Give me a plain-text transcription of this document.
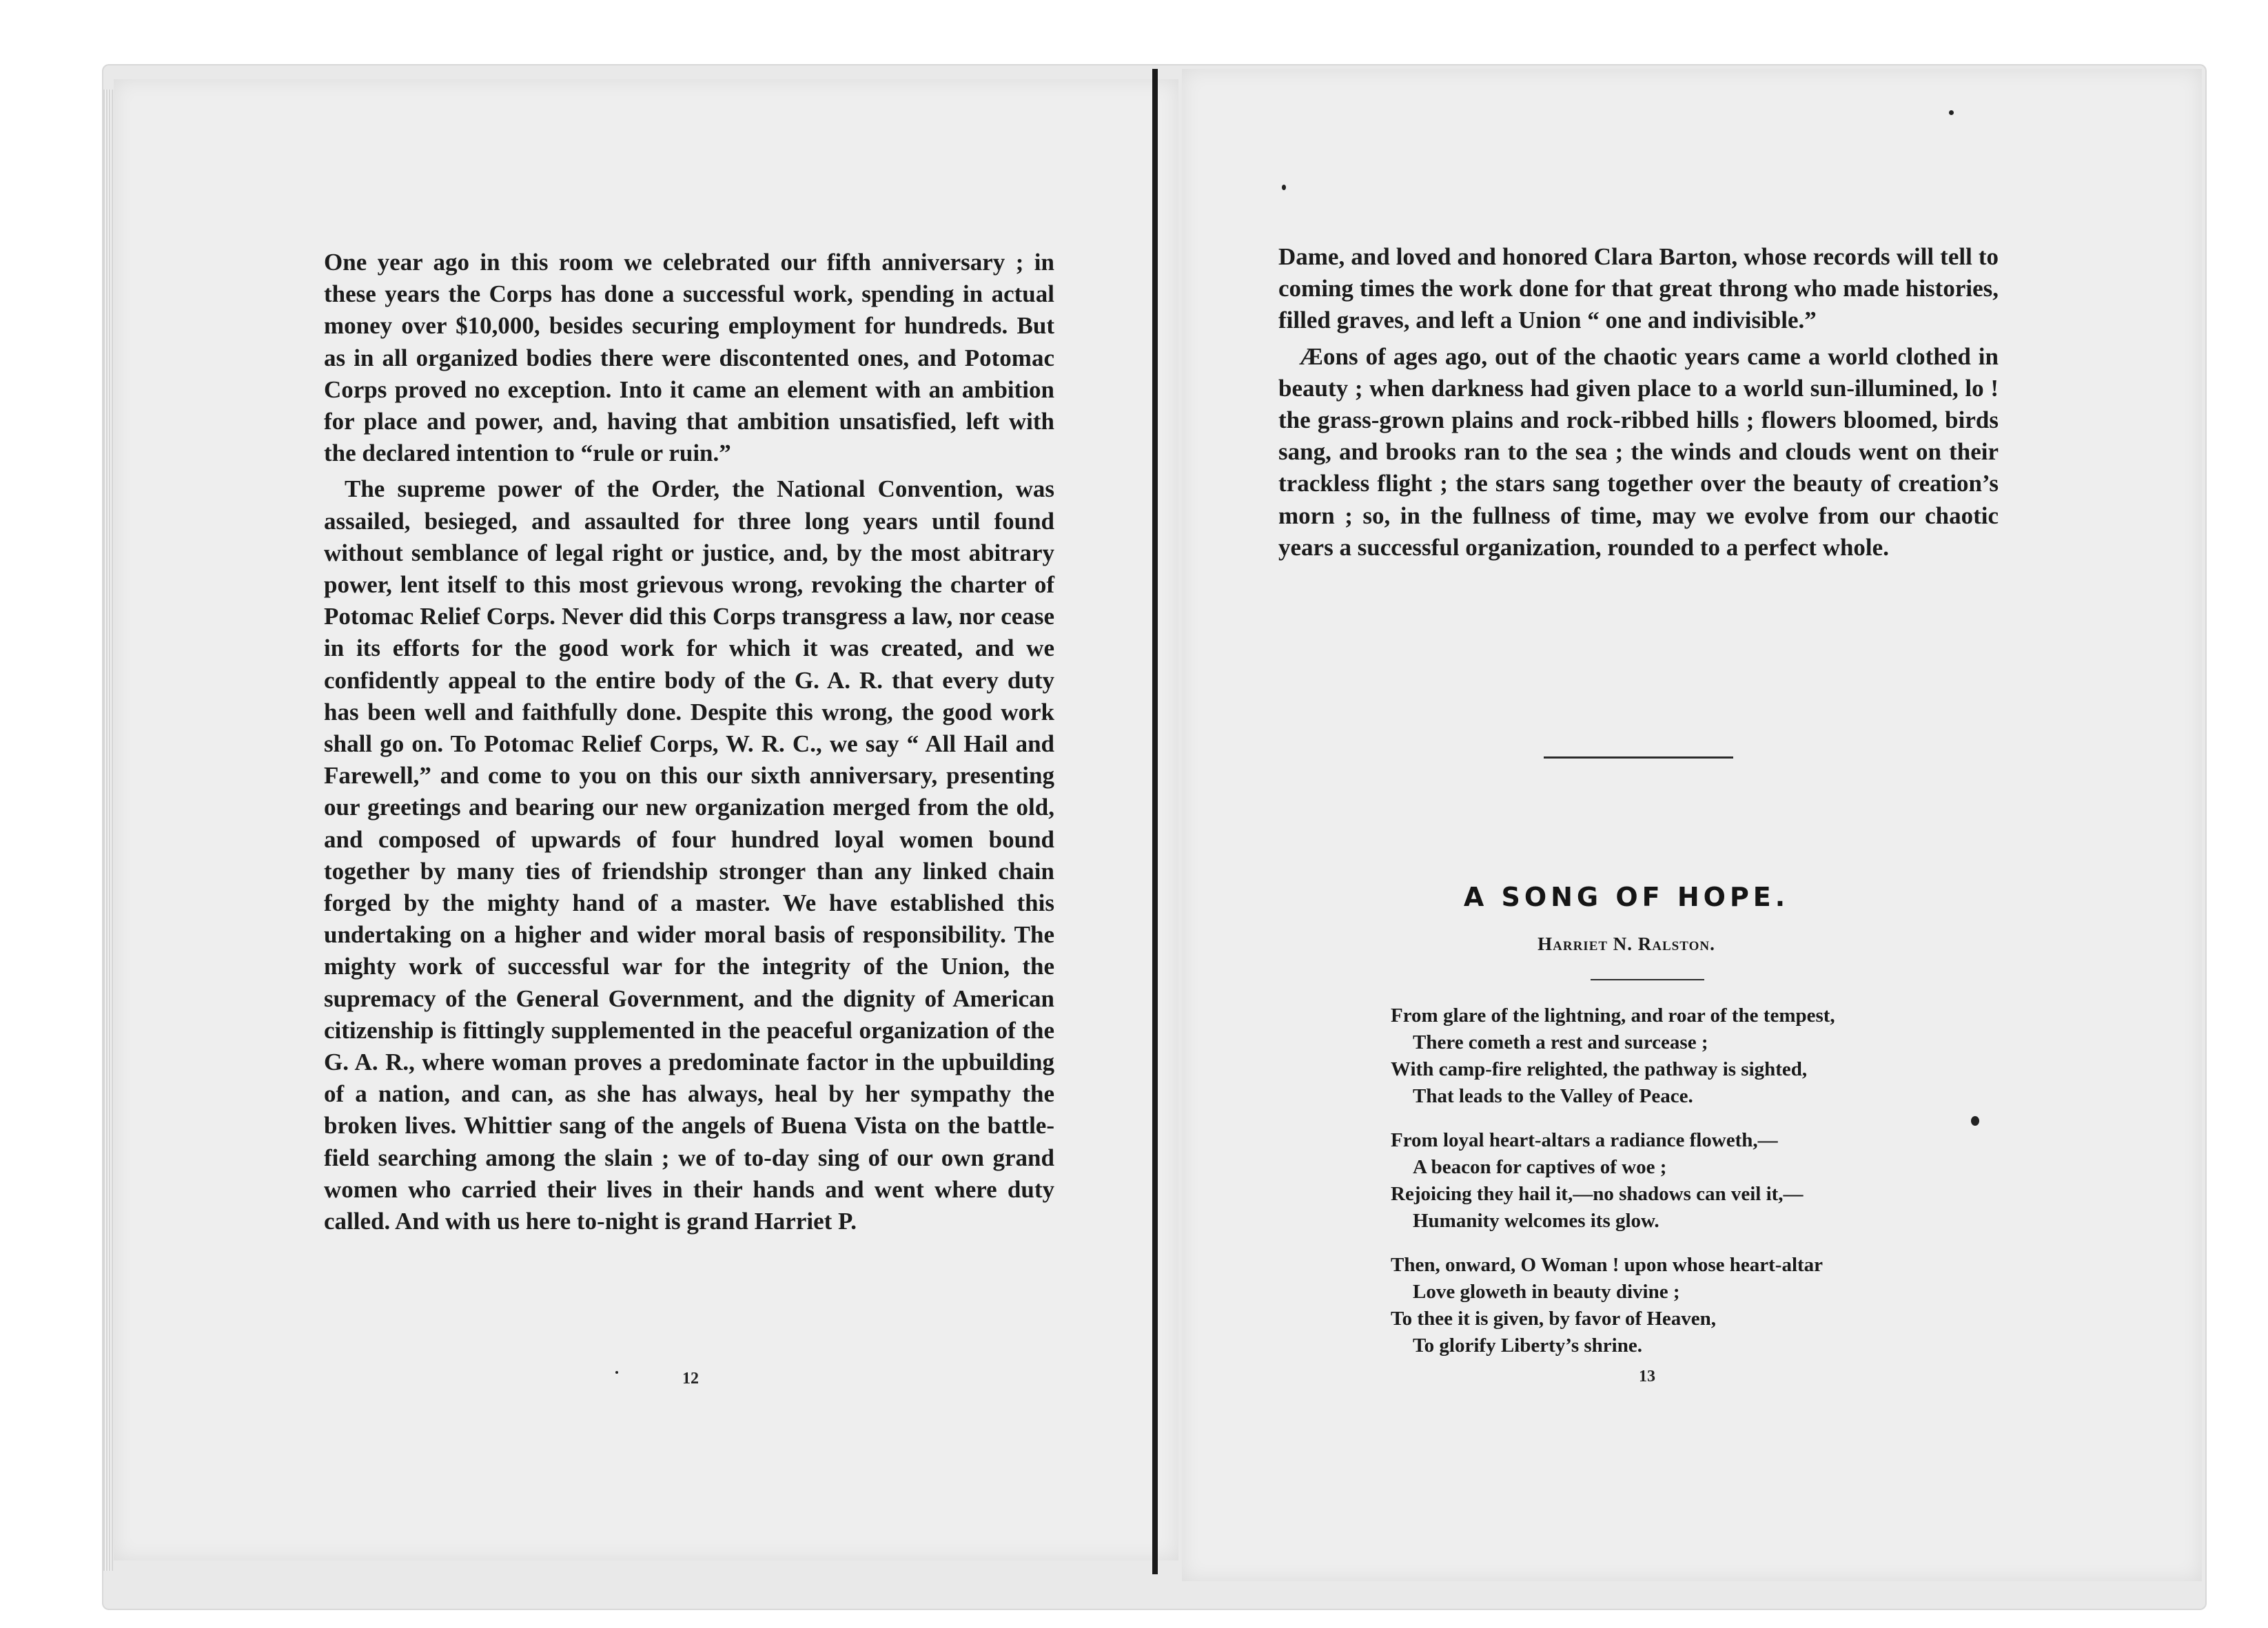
One year ago in this room we celebrated our fifth anniversary ; in these years the Corps has done a successful work, spending in actual money over $10,000, besides securing employment for hundreds. But as in all organized bodies there were discontented ones, and Potomac Corps proved no exception. Into it came an element with an ambition for place and power, and, having that ambition unsatisfied, left with the declared intention to “rule or ruin.”

The supreme power of the Order, the National Convention, was assailed, besieged, and assaulted for three long years until found without semblance of legal right or justice, and, by the most abitrary power, lent itself to this most grievous wrong, revoking the charter of Potomac Relief Corps. Never did this Corps transgress a law, nor cease in its efforts for the good work for which it was created, and we confidently appeal to the entire body of the G. A. R. that every duty has been well and faithfully done. Despite this wrong, the good work shall go on. To Potomac Relief Corps, W. R. C., we say “ All Hail and Farewell,” and come to you on this our sixth anniversary, presenting our greetings and bearing our new organization merged from the old, and composed of upwards of four hundred loyal women bound together by many ties of friendship stronger than any linked chain forged by the mighty hand of a master. We have established this undertaking on a higher and wider moral basis of responsibility. The mighty work of successful war for the integrity of the Union, the supremacy of the General Government, and the dignity of American citizenship is fittingly supplemented in the peaceful organization of the G. A. R., where woman proves a predominate factor in the upbuilding of a nation, and can, as she has always, heal by her sympathy the broken lives. Whittier sang of the angels of Buena Vista on the battle-field searching among the slain ; we of to-day sing of our own grand women who carried their lives in their hands and went where duty called. And with us here to-night is grand Harriet P.

12

Dame, and loved and honored Clara Barton, whose records will tell to coming times the work done for that great throng who made histories, filled graves, and left a Union “ one and indivisible.”

Æons of ages ago, out of the chaotic years came a world clothed in beauty ; when darkness had given place to a world sun-illumined, lo ! the grass-grown plains and rock-ribbed hills ; flowers bloomed, birds sang, and brooks ran to the sea ; the winds and clouds went on their trackless flight ; the stars sang together over the beauty of creation’s morn ; so, in the fullness of time, may we evolve from our chaotic years a successful organization, rounded to a perfect whole.

A SONG OF HOPE.
Harriet N. Ralston.
From glare of the lightning, and roar of the tempest,
There cometh a rest and surcease ;
With camp-fire relighted, the pathway is sighted,
That leads to the Valley of Peace.
From loyal heart-altars a radiance floweth,—
A beacon for captives of woe ;
Rejoicing they hail it,—no shadows can veil it,—
Humanity welcomes its glow.
Then, onward, O Woman ! upon whose heart-altar
Love gloweth in beauty divine ;
To thee it is given, by favor of Heaven,
To glorify Liberty’s shrine.
13
